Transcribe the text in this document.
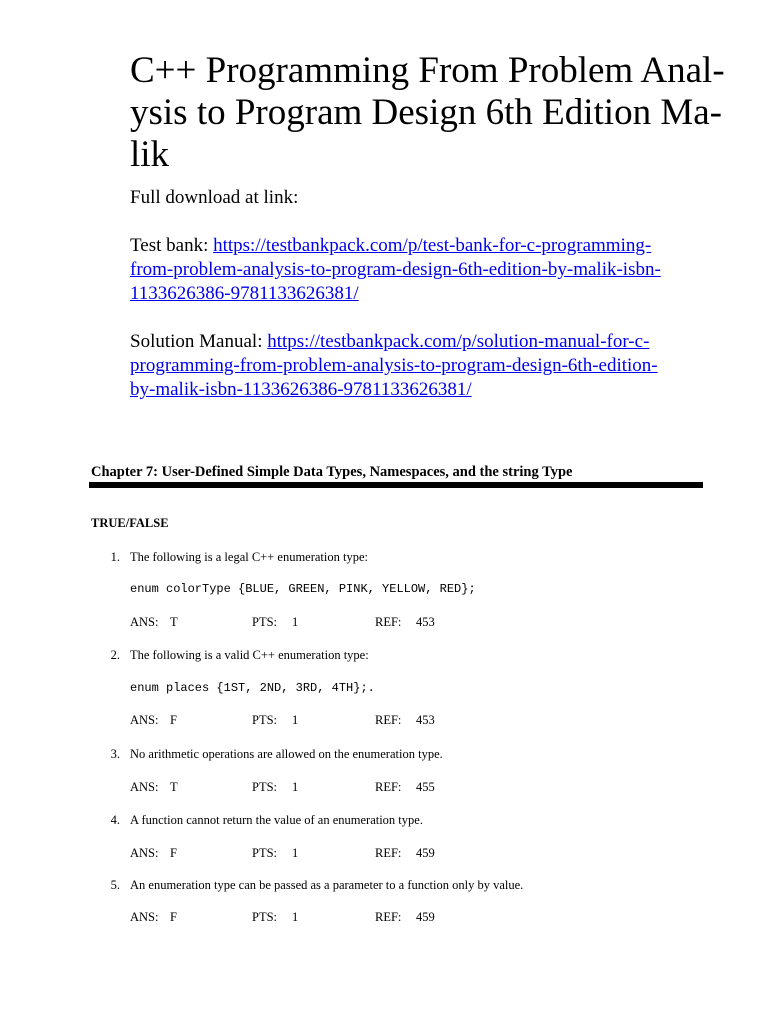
C++ Programming From Problem Anal-
ysis to Program Design 6th Edition Ma-
lik

Full download at link:

Test bank: https://testbankpack.com/p/test-bank-for-c-programming-
from-problem-analysis-to-program-design-6th-edition-by-malik-isbn-
1133626386-9781133626381/

Solution Manual: https://testbankpack.com/p/solution-manual-for-c-
programming-from-problem-analysis-to-program-design-6th-edition-
by-malik-isbn-1133626386-9781133626381/

Chapter 7: User-Defined Simple Data Types, Namespaces, and the string Type

TRUE/FALSE

1. The following is a legal C++ enumeration type:
enum colorType {BLUE, GREEN, PINK, YELLOW, RED};
ANS: T	PTS: 1	REF: 453
2. The following is a valid C++ enumeration type:
enum places {1ST, 2ND, 3RD, 4TH};.
ANS: F	PTS: 1	REF: 453
3. No arithmetic operations are allowed on the enumeration type.
ANS: T	PTS: 1	REF: 455
4. A function cannot return the value of an enumeration type.
ANS: F	PTS: 1	REF: 459
5. An enumeration type can be passed as a parameter to a function only by value.
ANS: F	PTS: 1	REF: 459
